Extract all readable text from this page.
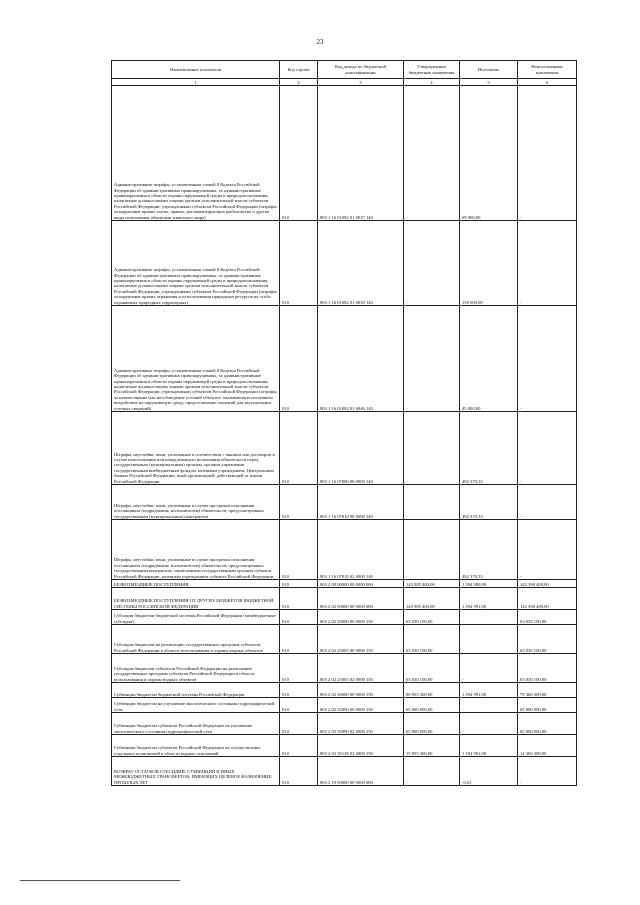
23
Наименование показателя	Код строки	Код дохода по бюджетной классификации	Утвержденные бюджетные назначения	Исполнено	Неисполненные назначения
1	2	3	4	5	6
Административные штрафы, установленные главой 8 Кодекса Российской Федерации об административных правонарушениях, за административные правонарушения в области охраны окружающей среды и природопользования, налагаемые должностными лицами органов исполнительной власти субъектов Российской Федерации, учреждениями субъектов Российской Федерации (штрафы за нарушение правил охоты, правил, регламентирующих рыболовство и другие виды пользования объектами животного мира)	010	803 1 16 01082 01 0037 140	-	69 900,00	-
Административные штрафы, установленные главой 8 Кодекса Российской Федерации об административных правонарушениях, за административные правонарушения в области охраны окружающей среды и природопользования, налагаемые должностными лицами органов исполнительной власти субъектов Российской Федерации, учреждениями субъектов Российской Федерации (штрафы за нарушение правил отражения и использования природных ресурсов на особо охраняемых природных территориях)	010	803 1 16 01082 01 0039 140	-	150 000,00	-
Административные штрафы, установленные главой 8 Кодекса Российской Федерации об административных правонарушениях, за административные правонарушения в области охраны окружающей среды и природопользования, налагаемые должностными лицами органов исполнительной власти субъектов Российской Федерации, учреждениями субъектов Российской Федерации (штрафы за невыполнение или несоблюдение условий объектов, оказывающих негативное воздействие на окружающую среду, предоставление сведений для актуализации учетных сведений)	010	803 1 16 01082 01 0046 140	-	45 000,00	-
Штрафы, неустойки, пени, уплаченные в соответствии с законом или договором в случае неисполнения или ненадлежащего исполнения обязательств перед государственным (муниципальным) органом, органом управления государственным внебюджетным фондом, казенным учреждением, Центральным банком Российской Федерации, иной организацией, действующей от имени Российской Федерации	010	803 1 16 07000 00 0000 140	-	492 370,33	-
Штрафы, неустойки, пени, уплаченные в случае просрочки исполнения поставщиком (подрядчиком, исполнителем) обязательств, предусмотренных государственным (муниципальным) контрактом	010	803 1 16 07010 00 0000 140	-	492 370,33	-
Штрафы, неустойки, пени, уплаченные в случае просрочки исполнения поставщиком (подрядчиком, исполнителем) обязательств, предусмотренных государственным контрактом, заключенным государственным органом субъекта Российской Федерации, казенным учреждением субъекта Российской Федерации	010	803 1 16 07010 02 0000 140	-	492 370,33	-
БЕЗВОЗМЕЗДНЫЕ ПОСТУПЛЕНИЯ	010	803 2 00 00000 00 0000 000	143 985 400,00	1 594 990,99	142 390 409,00
БЕЗВОЗМЕЗДНЫЕ ПОСТУПЛЕНИЯ ОТ ДРУГИХ БЮДЖЕТОВ БЮДЖЕТНОЙ СИСТЕМЫ РОССИЙСКОЙ ФЕДЕРАЦИИ	010	803 2 02 00000 00 0000 000	143 985 400,00	1 594 991,00	142 390 409,00
Субсидии бюджетам бюджетной системы Российской Федерации (межбюджетные субсидии)	010	803 2 02 20000 00 0000 150	63 030 100,00	-	63 030 100,00
Субсидии бюджетам на реализацию государственных программ субъектов Российской Федерации в области использования и охраны водных объектов	010	803 2 02 25065 00 0000 150	63 030 100,00	-	63 030 100,00
Субсидии бюджетам субъектов Российской Федерации на реализацию государственных программ субъектов Российской Федерации в области использования и охраны водных объектов	010	803 2 02 25065 02 0000 150	63 030 100,00	-	63 030 100,00
Субвенции бюджетам бюджетной системы Российской Федерации	010	803 2 02 30000 00 0000 150	80 955 300,00	1 594 991,00	79 360 309,00
Субвенции бюджетам на улучшение экологического состояния гидрографической сети	010	803 2 02 35090 00 0000 150	65 000 000,00	-	65 000 000,00
Субвенции бюджетам субъектов Российской Федерации на улучшение экологического состояния гидрографической сети	010	803 2 02 35090 02 0000 150	65 000 000,00	-	65 000 000,00
Субвенции бюджетам субъектов Российской Федерации на осуществление отдельных полномочий в области водных отношений	010	803 2 02 35128 02 0000 150	15 955 300,00	1 594 991,00	14 360 309,00
ВОЗВРАТ ОСТАТКОВ СУБСИДИЙ, СУБВЕНЦИЙ И ИНЫХ МЕЖБЮДЖЕТНЫХ ТРАНСФЕРТОВ, ИМЕЮЩИХ ЦЕЛЕВОЕ НАЗНАЧЕНИЕ, ПРОШЛЫХ ЛЕТ	010	803 2 19 00000 00 0000 000	-	-0,01	-
